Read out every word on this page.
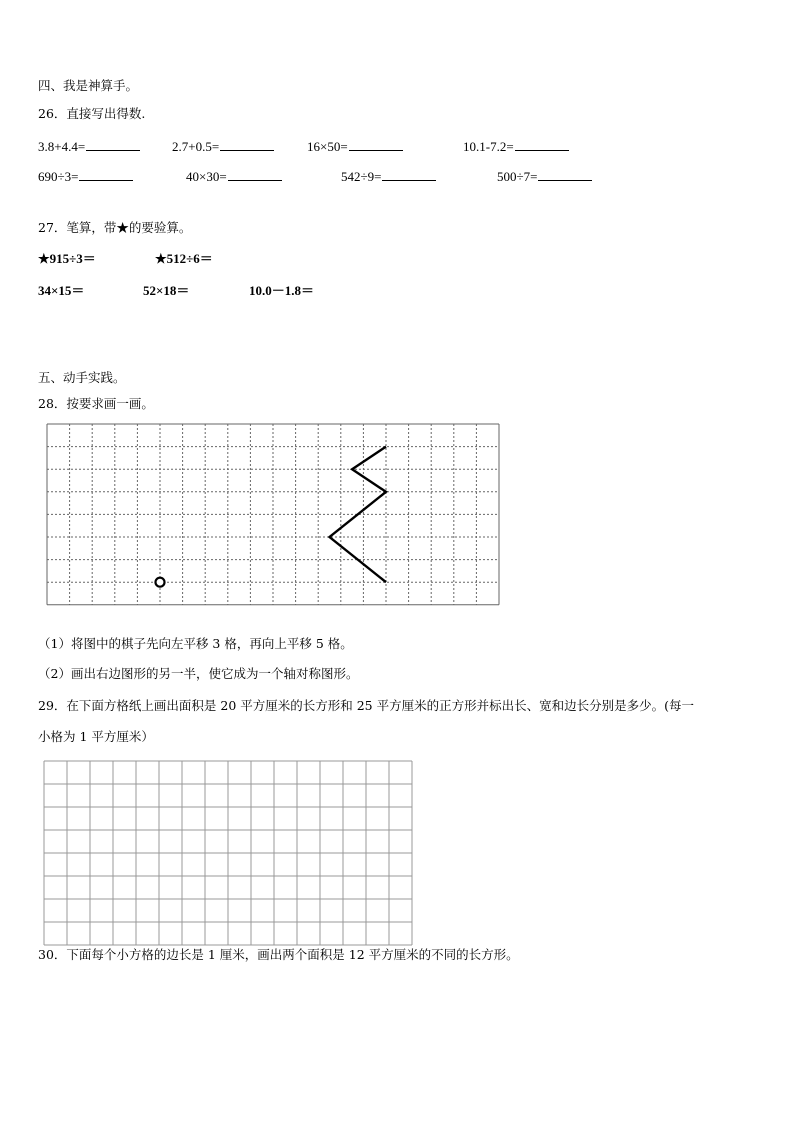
四、我是神算手。
26．直接写出得数.
3.8+4.4=	2.7+0.5=	16×50=	10.1-7.2=
690÷3=	40×30=	542÷9=	500÷7=
27．笔算，带★的要验算。
★915÷3＝	★512÷6＝
34×15＝	52×18＝	10.0－1.8＝
五、动手实践。
28．按要求画一画。
（1）将图中的棋子先向左平移 3 格，再向上平移 5 格。
（2）画出右边图形的另一半，使它成为一个轴对称图形。
29．在下面方格纸上画出面积是 20 平方厘米的长方形和 25 平方厘米的正方形并标出长、宽和边长分别是多少。(每一
小格为 1 平方厘米）
30．下面每个小方格的边长是 1 厘米，画出两个面积是 12 平方厘米的不同的长方形。
